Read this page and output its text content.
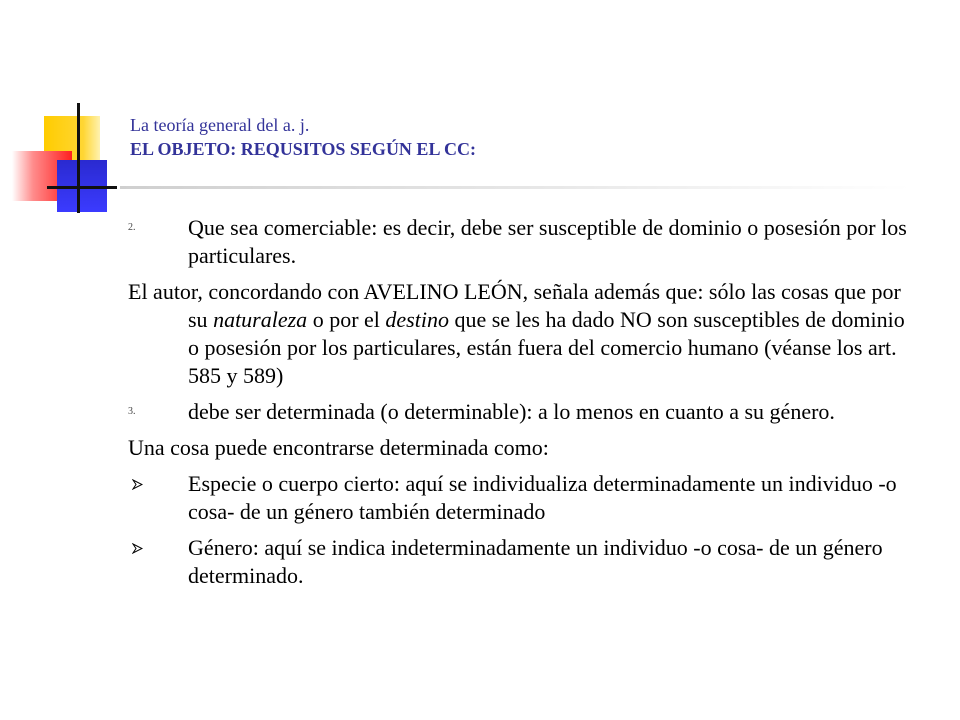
La teoría general del a. j.
EL OBJETO: REQUSITOS SEGÚN EL CC:
2. Que sea comerciable: es decir, debe ser susceptible de dominio o posesión por los particulares.
El autor, concordando con AVELINO LEÓN, señala además que: sólo las cosas que por su naturaleza o por el destino que se les ha dado NO son susceptibles de dominio o posesión por los particulares, están fuera del comercio humano (véanse los art. 585 y 589)
3. debe ser determinada (o determinable): a lo menos en cuanto a su género.
Una cosa puede encontrarse determinada como:
Especie o cuerpo cierto: aquí se individualiza determinadamente un individuo -o cosa- de un género también determinado
Género: aquí se indica indeterminadamente un individuo -o cosa- de un género determinado.
